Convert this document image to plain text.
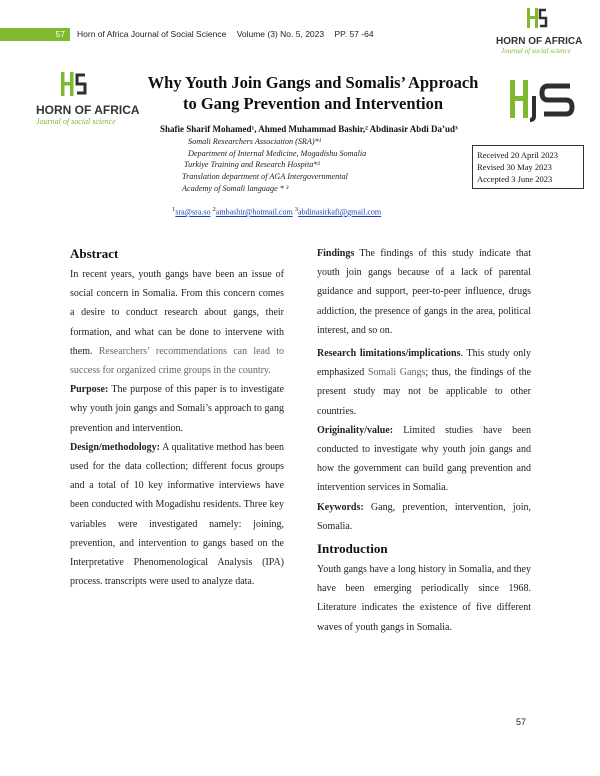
57	Horn of Africa Journal of Social Science Volume (3) No. 5, 2023 PP. 57 -64
HORN OF AFRICA
Journal of social science
HORN OF AFRICA
Journal of social science
Why Youth Join Gangs and Somalis’ Approach
to Gang Prevention and Intervention
Shafie Sharif Mohamed¹, Ahmed Muhammad Bashir,² Abdinasir Abdi Da’ud³
Somali Researchers Association (SRA)*¹
Department of Internal Medicine, Mogadishu Somalia
Turkiye Training and Research Hospita*²
Translation department of AGA Intergovernmental
Academy of Somali language * ³
Received 20 April 2023
Revised 30 May 2023
Accepted 3 June 2023
$^1$sra@sra.so $^2$ambashir@hotmail.com $^3$abdinasirkafi@gmail.com
Abstract

In recent years, youth gangs have been an issue of social concern in Somalia. From this concern comes a desire to conduct research about gangs, their formation, and what can be done to intervene with them. Researchers’ recommendations can lead to success for organized crime groups in the country.

Purpose: The purpose of this paper is to investigate why youth join gangs and Somali’s approach to gang prevention and intervention.

Design/methodology: A qualitative method has been used for the data collection; different focus groups and a total of 10 key informative interviews have been conducted with Mogadishu residents. Three key variables were investigated namely: joining, prevention, and intervention to gangs based on the Interpretative Phenomenological Analysis (IPA) process. transcripts were used to analyze data.

Findings The findings of this study indicate that youth join gangs because of a lack of parental guidance and support, peer-to-peer influence, drugs addiction, the presence of gangs in the area, political interest, and so on.

Research limitations/implications. This study only emphasized Somali Gangs; thus, the findings of the present study may not be applicable to other countries.

Originality/value: Limited studies have been conducted to investigate why youth join gangs and how the government can build gang prevention and intervention services in Somalia.

Keywords: Gang, prevention, intervention, join, Somalia.

Introduction

Youth gangs have a long history in Somalia, and they have been emerging periodically since 1968. Literature indicates the existence of five different waves of youth gangs in Somalia.

57
